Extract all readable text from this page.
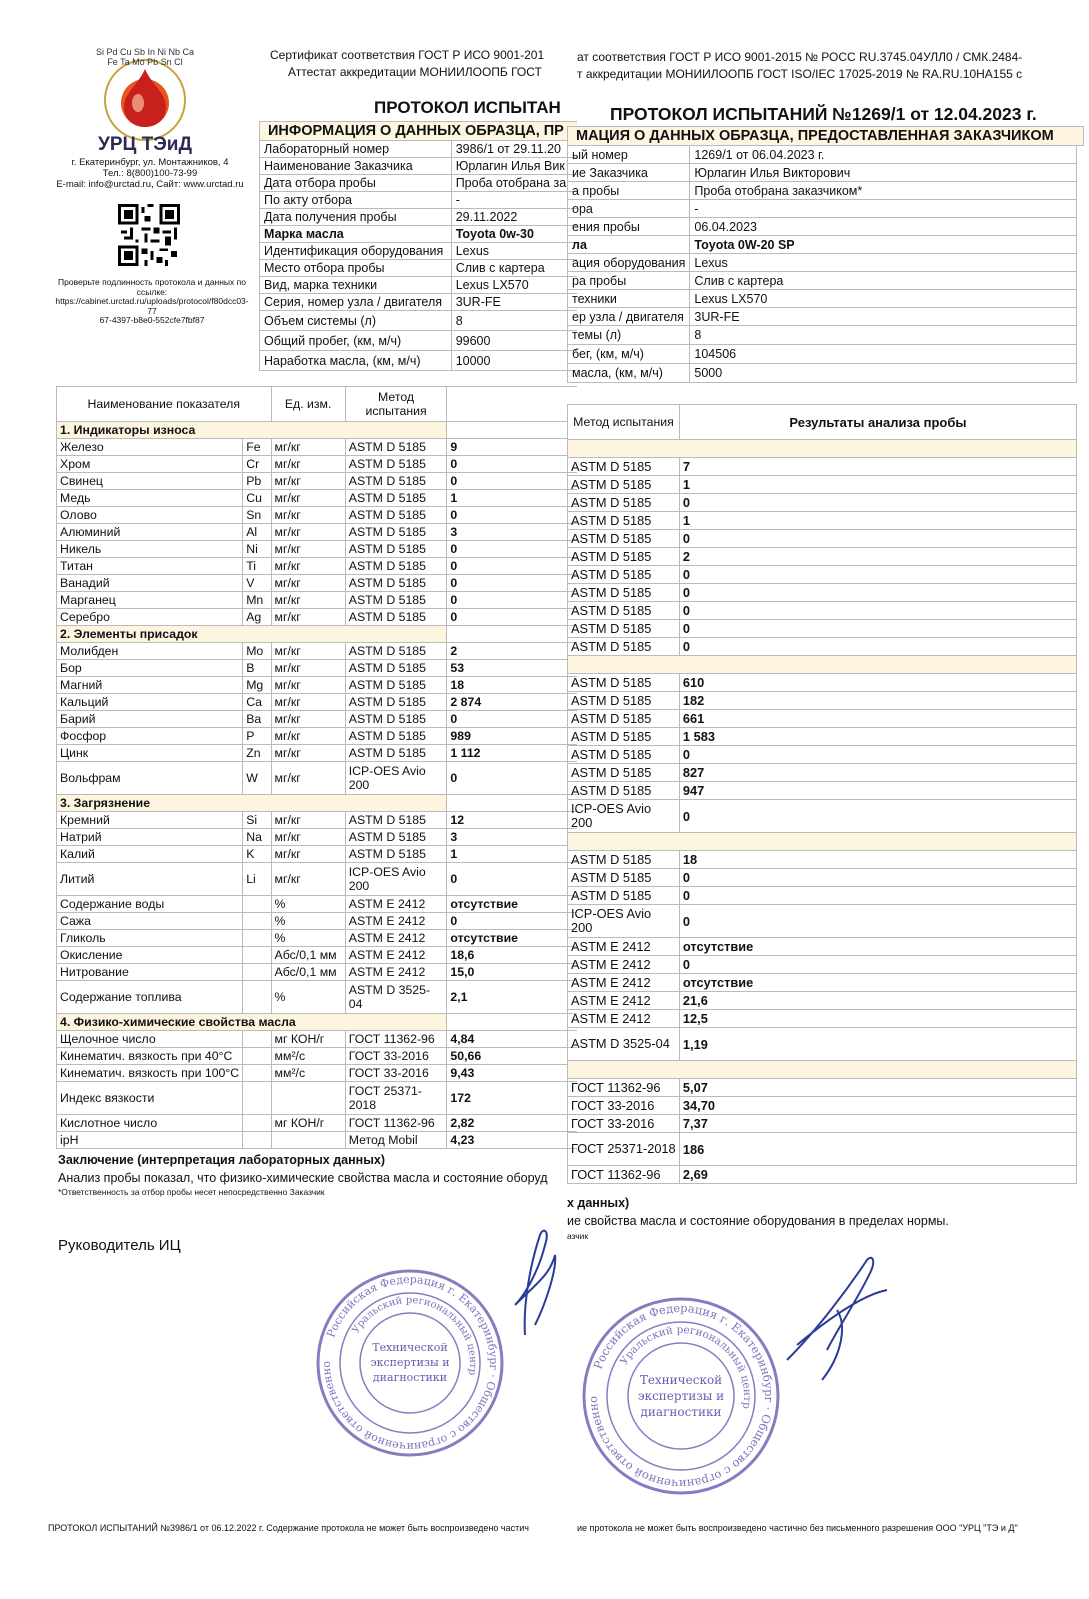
Si Pd Cu Sb In Ni Nb Ca Fe Ta Mo Pb Sn Cl
УРЦ ТЭиД
г. Екатеринбург, ул. Монтажников, 4
Тел.: 8(800)100-73-99
E-mail: info@urctad.ru, Сайт: www.urctad.ru
Проверьте подлинность протокола и данных по ссылке:
https://cabinet.urctad.ru/uploads/protocol/f80dcc03-77
67-4397-b8e0-552cfe7fbf87
Сертификат соответствия ГОСТ Р ИСО 9001-201
Аттестат аккредитации МОНИИЛООПБ ГОСТ
ПРОТОКОЛ ИСПЫТАН
ИНФОРМАЦИЯ О ДАННЫХ ОБРАЗЦА, ПР
Лабораторный номер	3986/1 от 29.11.20
Наименование Заказчика	Юрлагин Илья Вик
Дата отбора пробы	Проба отобрана за
По акту отбора	-
Дата получения пробы	29.11.2022
Марка масла	Toyota 0w-30
Идентификация оборудования	Lexus
Место отбора пробы	Слив с картера
Вид, марка техники	Lexus LX570
Серия, номер узла / двигателя	3UR-FE
Объем системы (л)	8
Общий пробег, (км, м/ч)	99600
Наработка масла, (км, м/ч)	10000
Наименование показателя		Ед. изм.	Метод испытания	
1. Индикаторы износа				
Железо	Fe	мг/кг	ASTM D 5185	9
Хром	Cr	мг/кг	ASTM D 5185	0
Свинец	Pb	мг/кг	ASTM D 5185	0
Медь	Cu	мг/кг	ASTM D 5185	1
Олово	Sn	мг/кг	ASTM D 5185	0
Алюминий	Al	мг/кг	ASTM D 5185	3
Никель	Ni	мг/кг	ASTM D 5185	0
Титан	Ti	мг/кг	ASTM D 5185	0
Ванадий	V	мг/кг	ASTM D 5185	0
Марганец	Mn	мг/кг	ASTM D 5185	0
Серебро	Ag	мг/кг	ASTM D 5185	0
2. Элементы присадок				
Молибден	Mo	мг/кг	ASTM D 5185	2
Бор	B	мг/кг	ASTM D 5185	53
Магний	Mg	мг/кг	ASTM D 5185	18
Кальций	Ca	мг/кг	ASTM D 5185	2 874
Барий	Ba	мг/кг	ASTM D 5185	0
Фосфор	P	мг/кг	ASTM D 5185	989
Цинк	Zn	мг/кг	ASTM D 5185	1 112
Вольфрам	W	мг/кг	ICP-OES Avio 200	0
3. Загрязнение				
Кремний	Si	мг/кг	ASTM D 5185	12
Натрий	Na	мг/кг	ASTM D 5185	3
Калий	K	мг/кг	ASTM D 5185	1
Литий	Li	мг/кг	ICP-OES Avio 200	0
Содержание воды		%	ASTM E 2412	отсутствие
Сажа		%	ASTM E 2412	0
Гликоль		%	ASTM E 2412	отсутствие
Окисление		Абс/0,1 мм	ASTM E 2412	18,6
Нитрование		Абс/0,1 мм	ASTM E 2412	15,0
Содержание топлива		%	ASTM D 3525-04	2,1
4. Физико-химические свойства масла				
Щелочное число		мг КОН/г	ГОСТ 11362-96	4,84
Кинематич. вязкость при 40°С		мм²/с	ГОСТ 33-2016	50,66
Кинематич. вязкость при 100°С		мм²/с	ГОСТ 33-2016	9,43
Индекс вязкости			ГОСТ 25371-2018	172
Кислотное число		мг КОН/г	ГОСТ 11362-96	2,82
ipH			Метод Mobil	4,23
Заключение (интерпретация лабораторных данных)
Анализ пробы показал, что физико-химические свойства масла и состояние оборуд
*Ответственность за отбор пробы несет непосредственно Заказчик
Руководитель ИЦ
ПРОТОКОЛ ИСПЫТАНИЙ №3986/1 от 06.12.2022 г. Содержание протокола не может быть воспроизведено частич
Российская Федерация г. Екатеринбург · Общество с ограниченной ответственно
Уральский региональный центр
Технической
экспертизы и
диагностики
ат соответствия ГОСТ Р ИСО 9001-2015 № РОСС RU.3745.04УЛЛ0 / СМК.2484-
т аккредитации МОНИИЛООПБ ГОСТ ISO/IEC 17025-2019 № RA.RU.10НА155 с
ПРОТОКОЛ ИСПЫТАНИЙ №1269/1 от 12.04.2023 г.
МАЦИЯ О ДАННЫХ ОБРАЗЦА, ПРЕДОСТАВЛЕННАЯ ЗАКАЗЧИКОМ
ый номер	1269/1 от 06.04.2023 г.
ие Заказчика	Юрлагин Илья Викторович
а пробы	Проба отобрана заказчиком*
ора	-
ения пробы	06.04.2023
ла	Toyota 0W-20 SP
ация оборудования	Lexus
ра пробы	Слив с картера
техники	Lexus LX570
ер узла / двигателя	3UR-FE
темы (л)	8
бег, (км, м/ч)	104506
масла, (км, м/ч)	5000
Метод испытания	Результаты анализа пробы

ASTM D 5185	7
ASTM D 5185	1
ASTM D 5185	0
ASTM D 5185	1
ASTM D 5185	0
ASTM D 5185	2
ASTM D 5185	0
ASTM D 5185	0
ASTM D 5185	0
ASTM D 5185	0
ASTM D 5185	0

ASTM D 5185	610
ASTM D 5185	182
ASTM D 5185	661
ASTM D 5185	1 583
ASTM D 5185	0
ASTM D 5185	827
ASTM D 5185	947
ICP-OES Avio 200	0

ASTM D 5185	18
ASTM D 5185	0
ASTM D 5185	0
ICP-OES Avio 200	0
ASTM E 2412	отсутствие
ASTM E 2412	0
ASTM E 2412	отсутствие
ASTM E 2412	21,6
ASTM E 2412	12,5
ASTM D 3525-04	1,19

ГОСТ 11362-96	5,07
ГОСТ 33-2016	34,70
ГОСТ 33-2016	7,37
ГОСТ 25371-2018	186
ГОСТ 11362-96	2,69
х данных)
ие свойства масла и состояние оборудования в пределах нормы.
азчик
ие протокола не может быть воспроизведено частично без письменного разрешения ООО "УРЦ "ТЭ и Д"
Российская Федерация г. Екатеринбург · Общество с ограниченной ответственно
Уральский региональный центр
Технической
экспертизы и
диагностики
